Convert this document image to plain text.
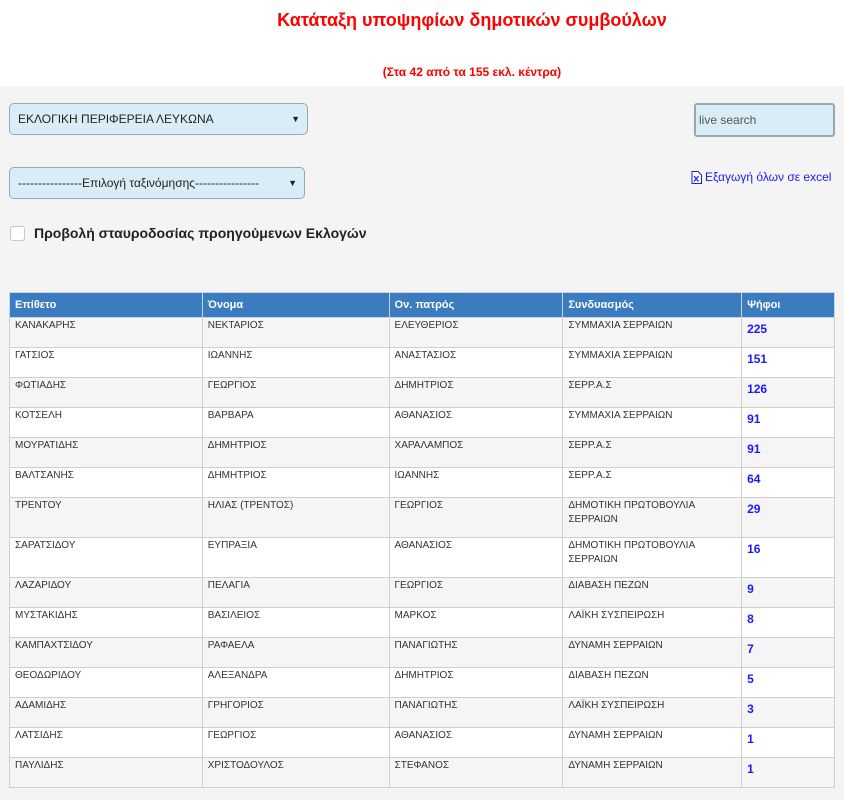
Κατάταξη υποψηφίων δημοτικών συμβούλων
(Στα 42 από τα 155 εκλ. κέντρα)
ΕΚΛΟΓΙΚΗ ΠΕΡΙΦΕΡΕΙΑ ΛΕΥΚΩΝΑ	▼
live search
----------------Επιλογή ταξινόμησης----------------	▼	Εξαγωγή όλων σε excel
Προβολή σταυροδοσίας προηγούμενων Εκλογών
Επίθετο	Όνομα	Ον. πατρός	Συνδυασμός	Ψήφοι
ΚΑΝΑΚΑΡΗΣ	ΝΕΚΤΑΡΙΟΣ	ΕΛΕΥΘΕΡΙΟΣ	ΣΥΜΜΑΧΙΑ ΣΕΡΡΑΙΩΝ	225
ΓΑΤΣΙΟΣ	ΙΩΑΝΝΗΣ	ΑΝΑΣΤΑΣΙΟΣ	ΣΥΜΜΑΧΙΑ ΣΕΡΡΑΙΩΝ	151
ΦΩΤΙΑΔΗΣ	ΓΕΩΡΓΙΟΣ	ΔΗΜΗΤΡΙΟΣ	ΣΕΡΡ.Α.Σ	126
ΚΟΤΣΕΛΗ	ΒΑΡΒΑΡΑ	ΑΘΑΝΑΣΙΟΣ	ΣΥΜΜΑΧΙΑ ΣΕΡΡΑΙΩΝ	91
ΜΟΥΡΑΤΙΔΗΣ	ΔΗΜΗΤΡΙΟΣ	ΧΑΡΑΛΑΜΠΟΣ	ΣΕΡΡ.Α.Σ	91
ΒΑΛΤΣΑΝΗΣ	ΔΗΜΗΤΡΙΟΣ	ΙΩΑΝΝΗΣ	ΣΕΡΡ.Α.Σ	64
ΤΡΕΝΤΟΥ	ΗΛΙΑΣ (ΤΡΕΝΤΟΣ)	ΓΕΩΡΓΙΟΣ	ΔΗΜΟΤΙΚΗ ΠΡΩΤΟΒΟΥΛΙΑ ΣΕΡΡΑΙΩΝ	29
ΣΑΡΑΤΣΙΔΟΥ	ΕΥΠΡΑΞΙΑ	ΑΘΑΝΑΣΙΟΣ	ΔΗΜΟΤΙΚΗ ΠΡΩΤΟΒΟΥΛΙΑ ΣΕΡΡΑΙΩΝ	16
ΛΑΖΑΡΙΔΟΥ	ΠΕΛΑΓΙΑ	ΓΕΩΡΓΙΟΣ	ΔΙΑΒΑΣΗ ΠΕΖΩΝ	9
ΜΥΣΤΑΚΙΔΗΣ	ΒΑΣΙΛΕΙΟΣ	ΜΑΡΚΟΣ	ΛΑΪΚΗ ΣΥΣΠΕΙΡΩΣΗ	8
ΚΑΜΠΑΧΤΣΙΔΟΥ	ΡΑΦΑΕΛΑ	ΠΑΝΑΓΙΩΤΗΣ	ΔΥΝΑΜΗ ΣΕΡΡΑΙΩΝ	7
ΘΕΟΔΩΡΙΔΟΥ	ΑΛΕΞΑΝΔΡΑ	ΔΗΜΗΤΡΙΟΣ	ΔΙΑΒΑΣΗ ΠΕΖΩΝ	5
ΑΔΑΜΙΔΗΣ	ΓΡΗΓΟΡΙΟΣ	ΠΑΝΑΓΙΩΤΗΣ	ΛΑΪΚΗ ΣΥΣΠΕΙΡΩΣΗ	3
ΛΑΤΣΙΔΗΣ	ΓΕΩΡΓΙΟΣ	ΑΘΑΝΑΣΙΟΣ	ΔΥΝΑΜΗ ΣΕΡΡΑΙΩΝ	1
ΠΑΥΛΙΔΗΣ	ΧΡΙΣΤΟΔΟΥΛΟΣ	ΣΤΕΦΑΝΟΣ	ΔΥΝΑΜΗ ΣΕΡΡΑΙΩΝ	1
